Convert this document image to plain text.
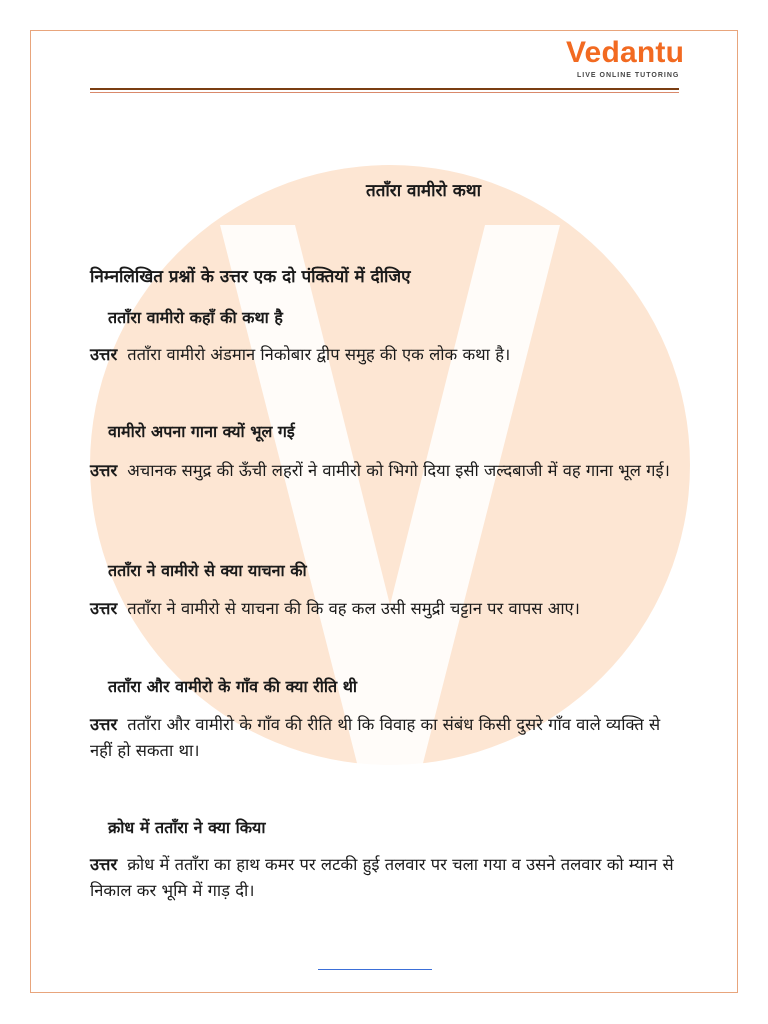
Vedantu
LIVE ONLINE TUTORING
तताँरा वामीरो कथा
निम्नलिखित प्रश्नों के उत्तर एक दो पंक्तियों में दीजिए
तताँरा वामीरो कहाँ की कथा है
उत्तर तताँरा वामीरो अंडमान निकोबार द्वीप समुह की एक लोक कथा है।
वामीरो अपना गाना क्यों भूल गई
उत्तर अचानक समुद्र की ऊँची लहरों ने वामीरो को भिगो दिया इसी जल्दबाजी में वह गाना भूल गई।
तताँरा ने वामीरो से क्या याचना की
उत्तर तताँरा ने वामीरो से याचना की कि वह कल उसी समुद्री चट्टान पर वापस आए।
तताँरा और वामीरो के गाँव की क्या रीति थी
उत्तर तताँरा और वामीरो के गाँव की रीति थी कि विवाह का संबंध किसी दुसरे गाँव वाले व्यक्ति से नहीं हो सकता था।
क्रोध में तताँरा ने क्या किया
उत्तर क्रोध में तताँरा का हाथ कमर पर लटकी हुई तलवार पर चला गया व उसने तलवार को म्यान से निकाल कर भूमि में गाड़ दी।
